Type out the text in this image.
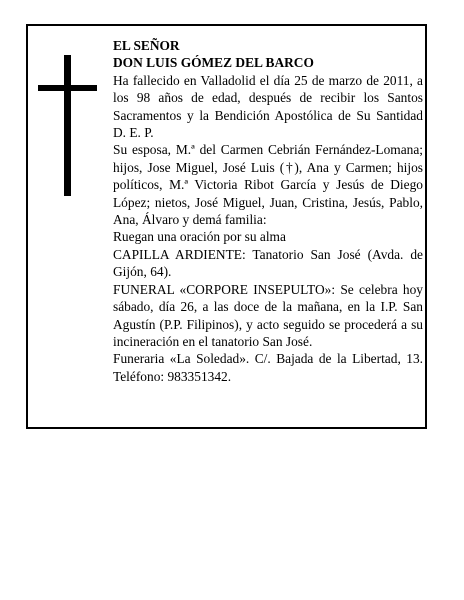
EL SEÑOR

DON LUIS GÓMEZ DEL BARCO

Ha fallecido en Valladolid el día 25 de marzo de 2011, a los 98 años de edad, después de recibir los Santos Sacramentos y la Bendición Apostólica de Su Santidad D. E. P.

Su esposa, M.ª del Carmen Cebrián Fernández-Lomana; hijos, Jose Miguel, José Luis (†), Ana y Carmen; hijos políticos, M.ª Victoria Ribot García y Jesús de Diego López; nietos, José Miguel, Juan, Cristina, Jesús, Pablo, Ana, Álvaro y demá familia:

Ruegan una oración por su alma

CAPILLA ARDIENTE: Tanatorio San José (Avda. de Gijón, 64).

FUNERAL «CORPORE INSEPULTO»: Se celebra hoy sábado, día 26, a las doce de la mañana, en la I.P. San Agustín (P.P. Filipinos), y acto seguido se procederá a su incineración en el tanatorio San José.

Funeraria «La Soledad». C/. Bajada de la Libertad, 13. Teléfono: 983351342.
